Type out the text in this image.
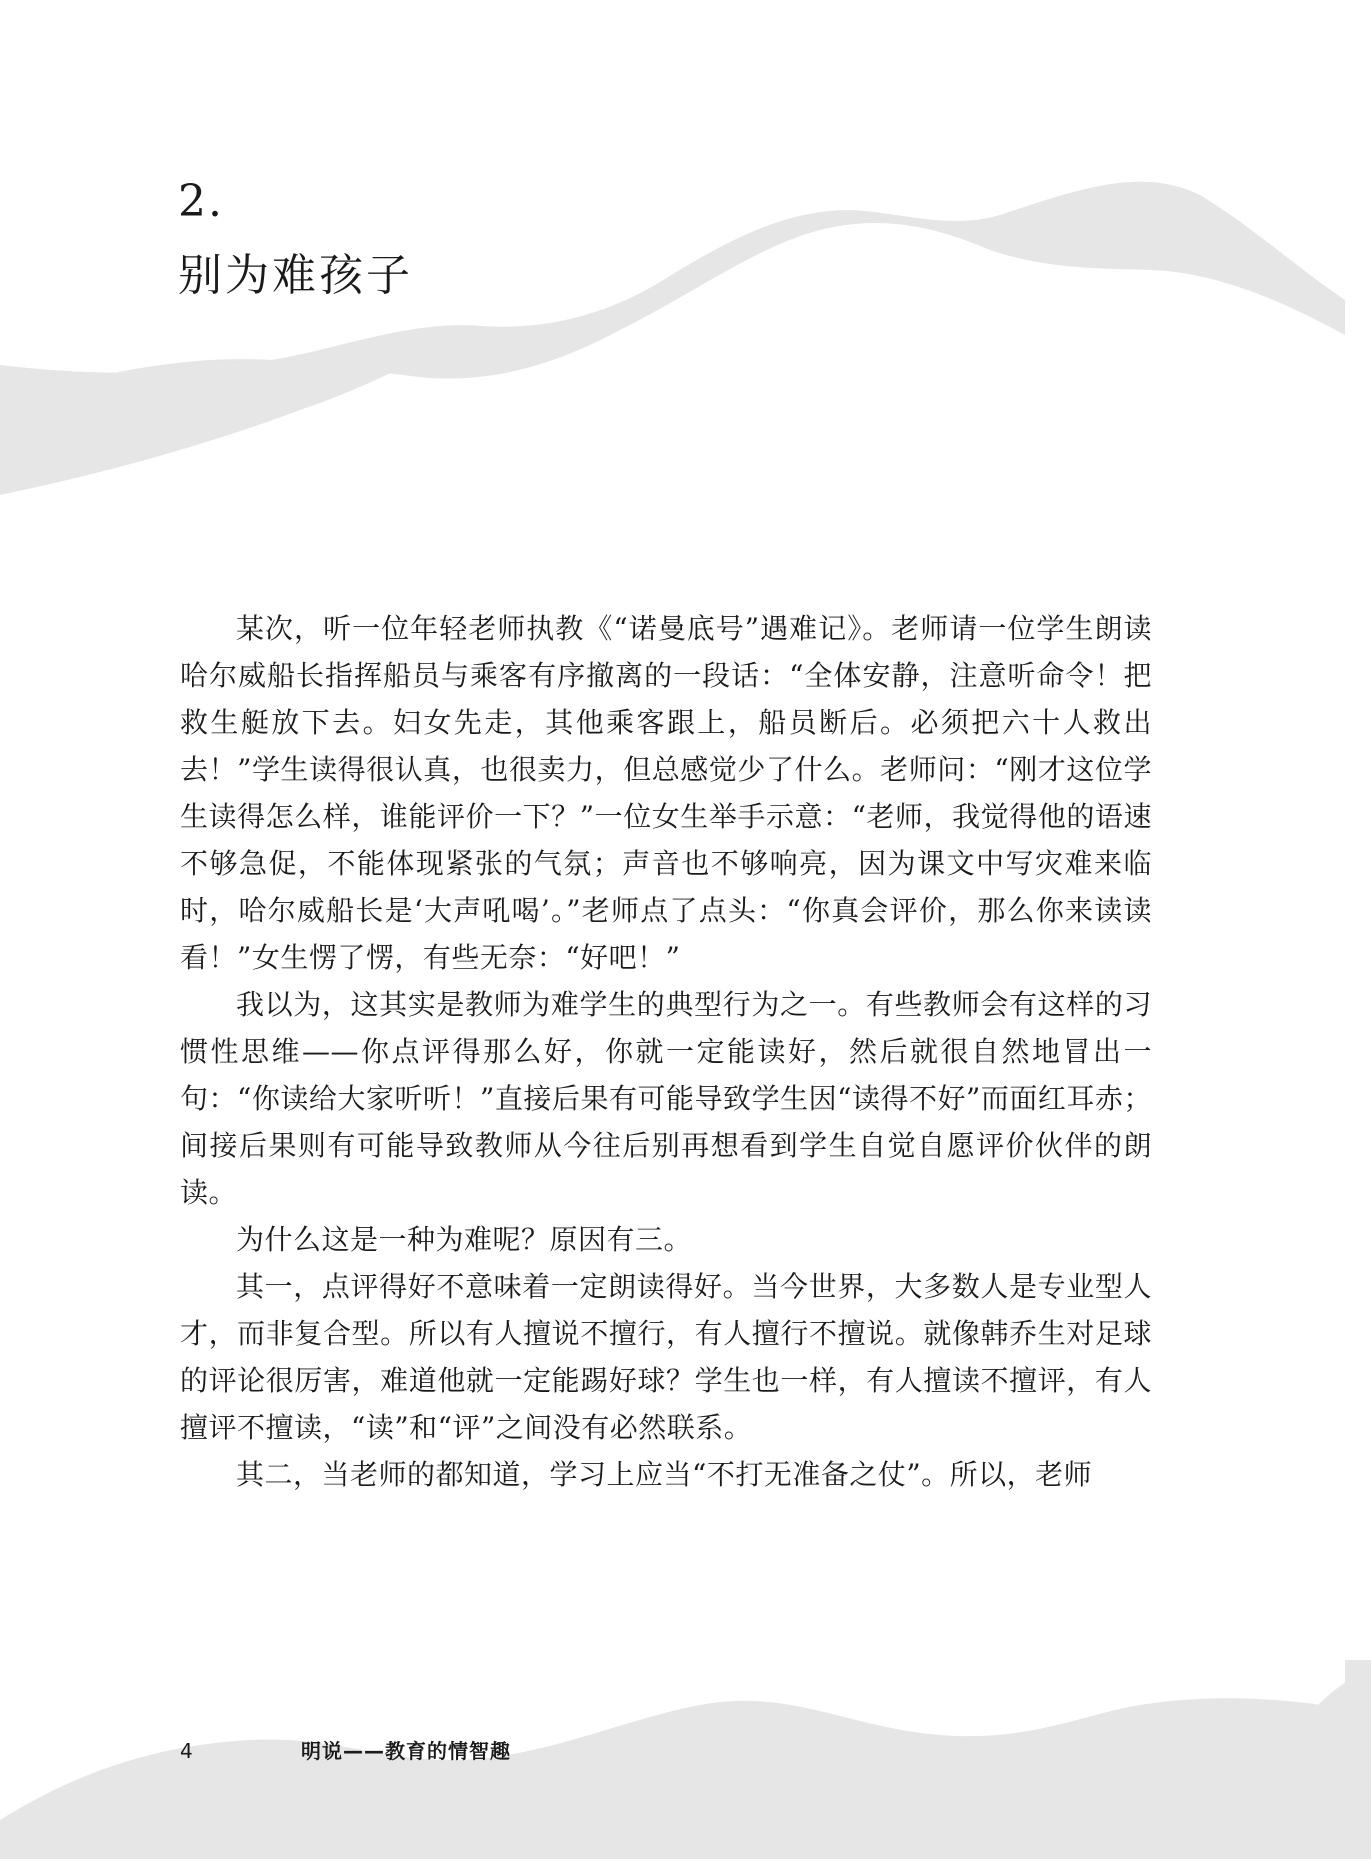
2.
别为难孩子

某次，听一位年轻老师执教《“诺曼底号”遇难记》。老师请一位学生朗读哈尔威船长指挥船员与乘客有序撤离的一段话：“全体安静，注意听命令！把救生艇放下去。妇女先走，其他乘客跟上，船员断后。必须把六十人救出去！”学生读得很认真，也很卖力，但总感觉少了什么。老师问：“刚才这位学生读得怎么样，谁能评价一下？”一位女生举手示意：“老师，我觉得他的语速不够急促，不能体现紧张的气氛；声音也不够响亮，因为课文中写灾难来临时，哈尔威船长是‘大声吼喝’。”老师点了点头：“你真会评价，那么你来读读看！”女生愣了愣，有些无奈：“好吧！”

我以为，这其实是教师为难学生的典型行为之一。有些教师会有这样的习惯性思维——你点评得那么好，你就一定能读好，然后就很自然地冒出一句：“你读给大家听听！”直接后果有可能导致学生因“读得不好”而面红耳赤；间接后果则有可能导致教师从今往后别再想看到学生自觉自愿评价伙伴的朗读。

为什么这是一种为难呢？原因有三。

其一，点评得好不意味着一定朗读得好。当今世界，大多数人是专业型人才，而非复合型。所以有人擅说不擅行，有人擅行不擅说。就像韩乔生对足球的评论很厉害，难道他就一定能踢好球？学生也一样，有人擅读不擅评，有人擅评不擅读，“读”和“评”之间没有必然联系。

其二，当老师的都知道，学习上应当“不打无准备之仗”。所以，老师

4	明说——教育的情智趣
